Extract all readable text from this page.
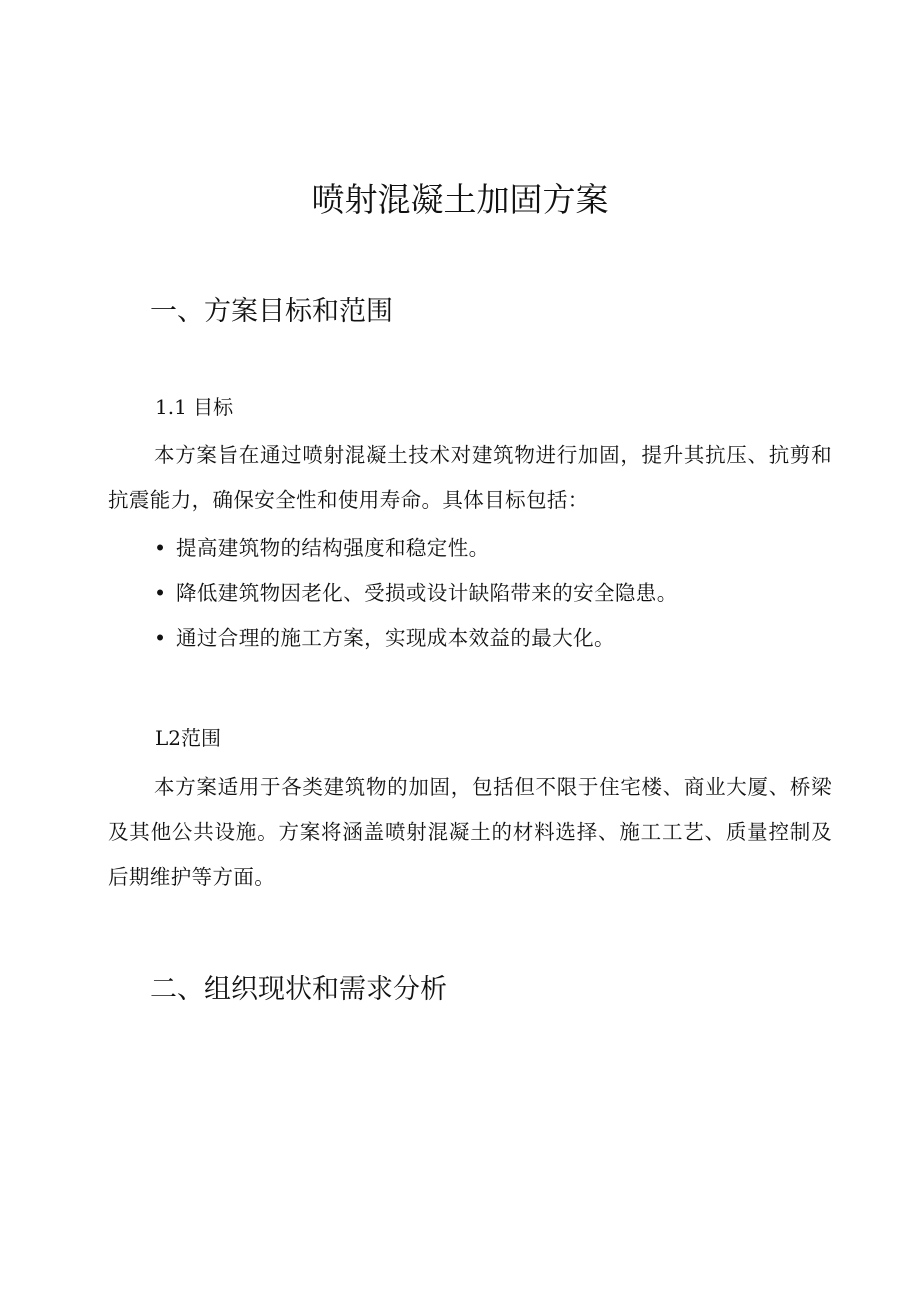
喷射混凝土加固方案
一、方案目标和范围
1.1 目标

本方案旨在通过喷射混凝土技术对建筑物进行加固，提升其抗压、抗剪和抗震能力，确保安全性和使用寿命。具体目标包括：

• 提高建筑物的结构强度和稳定性。
• 降低建筑物因老化、受损或设计缺陷带来的安全隐患。
• 通过合理的施工方案，实现成本效益的最大化。
L2范围

本方案适用于各类建筑物的加固，包括但不限于住宅楼、商业大厦、桥梁及其他公共设施。方案将涵盖喷射混凝土的材料选择、施工工艺、质量控制及后期维护等方面。

二、组织现状和需求分析
